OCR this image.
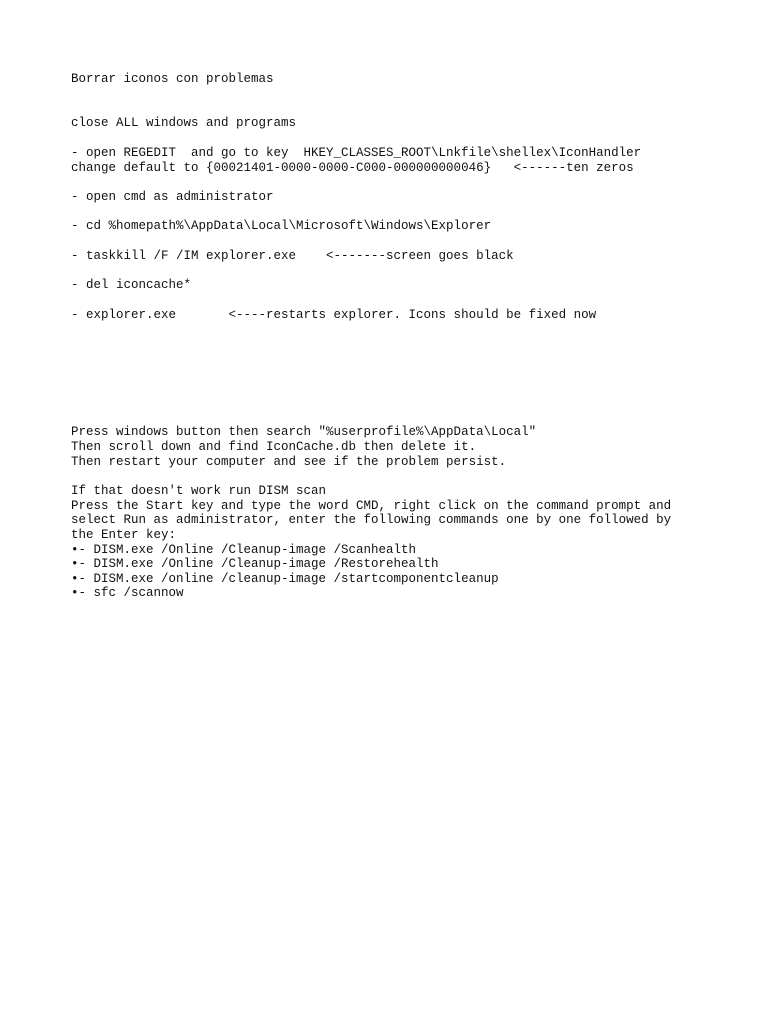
Borrar iconos con problemas

close ALL windows and programs

- open REGEDIT  and go to key  HKEY_CLASSES_ROOT\Lnkfile\shellex\IconHandler

change default to {00021401-0000-0000-C000-000000000046}   <------ten zeros

- open cmd as administrator

- cd %homepath%\AppData\Local\Microsoft\Windows\Explorer

- taskkill /F /IM explorer.exe    <-------screen goes black

- del iconcache*

- explorer.exe       <----restarts explorer. Icons should be fixed now

Press windows button then search "%userprofile%\AppData\Local"

Then scroll down and find IconCache.db then delete it.

Then restart your computer and see if the problem persist.

If that doesn't work run DISM scan

Press the Start key and type the word CMD, right click on the command prompt and

select Run as administrator, enter the following commands one by one followed by

the Enter key:

•- DISM.exe /Online /Cleanup-image /Scanhealth

•- DISM.exe /Online /Cleanup-image /Restorehealth

•- DISM.exe /online /cleanup-image /startcomponentcleanup

•- sfc /scannow
